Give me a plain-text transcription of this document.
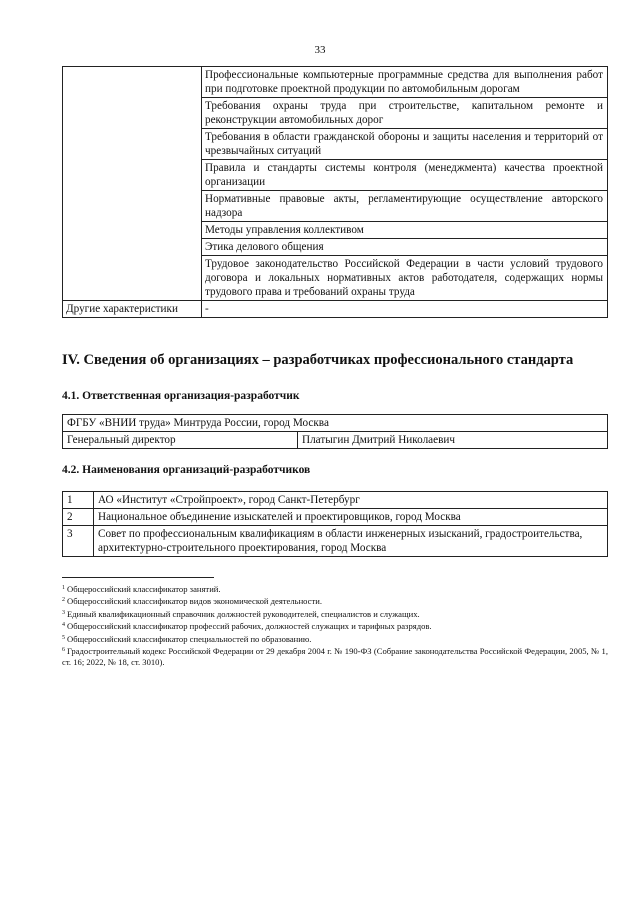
33
	Профессиональные компьютерные программные средства для выполнения работ при подготовке проектной продукции по автомобильным дорогам
	Требования охраны труда при строительстве, капитальном ремонте и реконструкции автомобильных дорог
	Требования в области гражданской обороны и защиты населения и территорий от чрезвычайных ситуаций
	Правила и стандарты системы контроля (менеджмента) качества проектной организации
	Нормативные правовые акты, регламентирующие осуществление авторского надзора
	Методы управления коллективом
	Этика делового общения
	Трудовое законодательство Российской Федерации в части условий трудового договора и локальных нормативных актов работодателя, содержащих нормы трудового права и требований охраны труда
Другие характеристики	-
IV. Сведения об организациях – разработчиках профессионального стандарта
4.1. Ответственная организация-разработчик
ФГБУ «ВНИИ труда» Минтруда России, город Москва
Генеральный директор	Платыгин Дмитрий Николаевич
4.2. Наименования организаций-разработчиков
1	АО «Институт «Стройпроект», город Санкт-Петербург
2	Национальное объединение изыскателей и проектировщиков, город Москва
3	Совет по профессиональным квалификациям в области инженерных изысканий, градостроительства, архитектурно-строительного проектирования, город Москва
$^1$ Общероссийский классификатор занятий.
$^2$ Общероссийский классификатор видов экономической деятельности.
$^3$ Единый квалификационный справочник должностей руководителей, специалистов и служащих.
$^4$ Общероссийский классификатор профессий рабочих, должностей служащих и тарифных разрядов.
$^5$ Общероссийский классификатор специальностей по образованию.
$^6$ Градостроительный кодекс Российской Федерации от 29 декабря 2004 г. № 190-ФЗ (Собрание законодательства Российской Федерации, 2005, № 1, ст. 16; 2022, № 18, ст. 3010).
